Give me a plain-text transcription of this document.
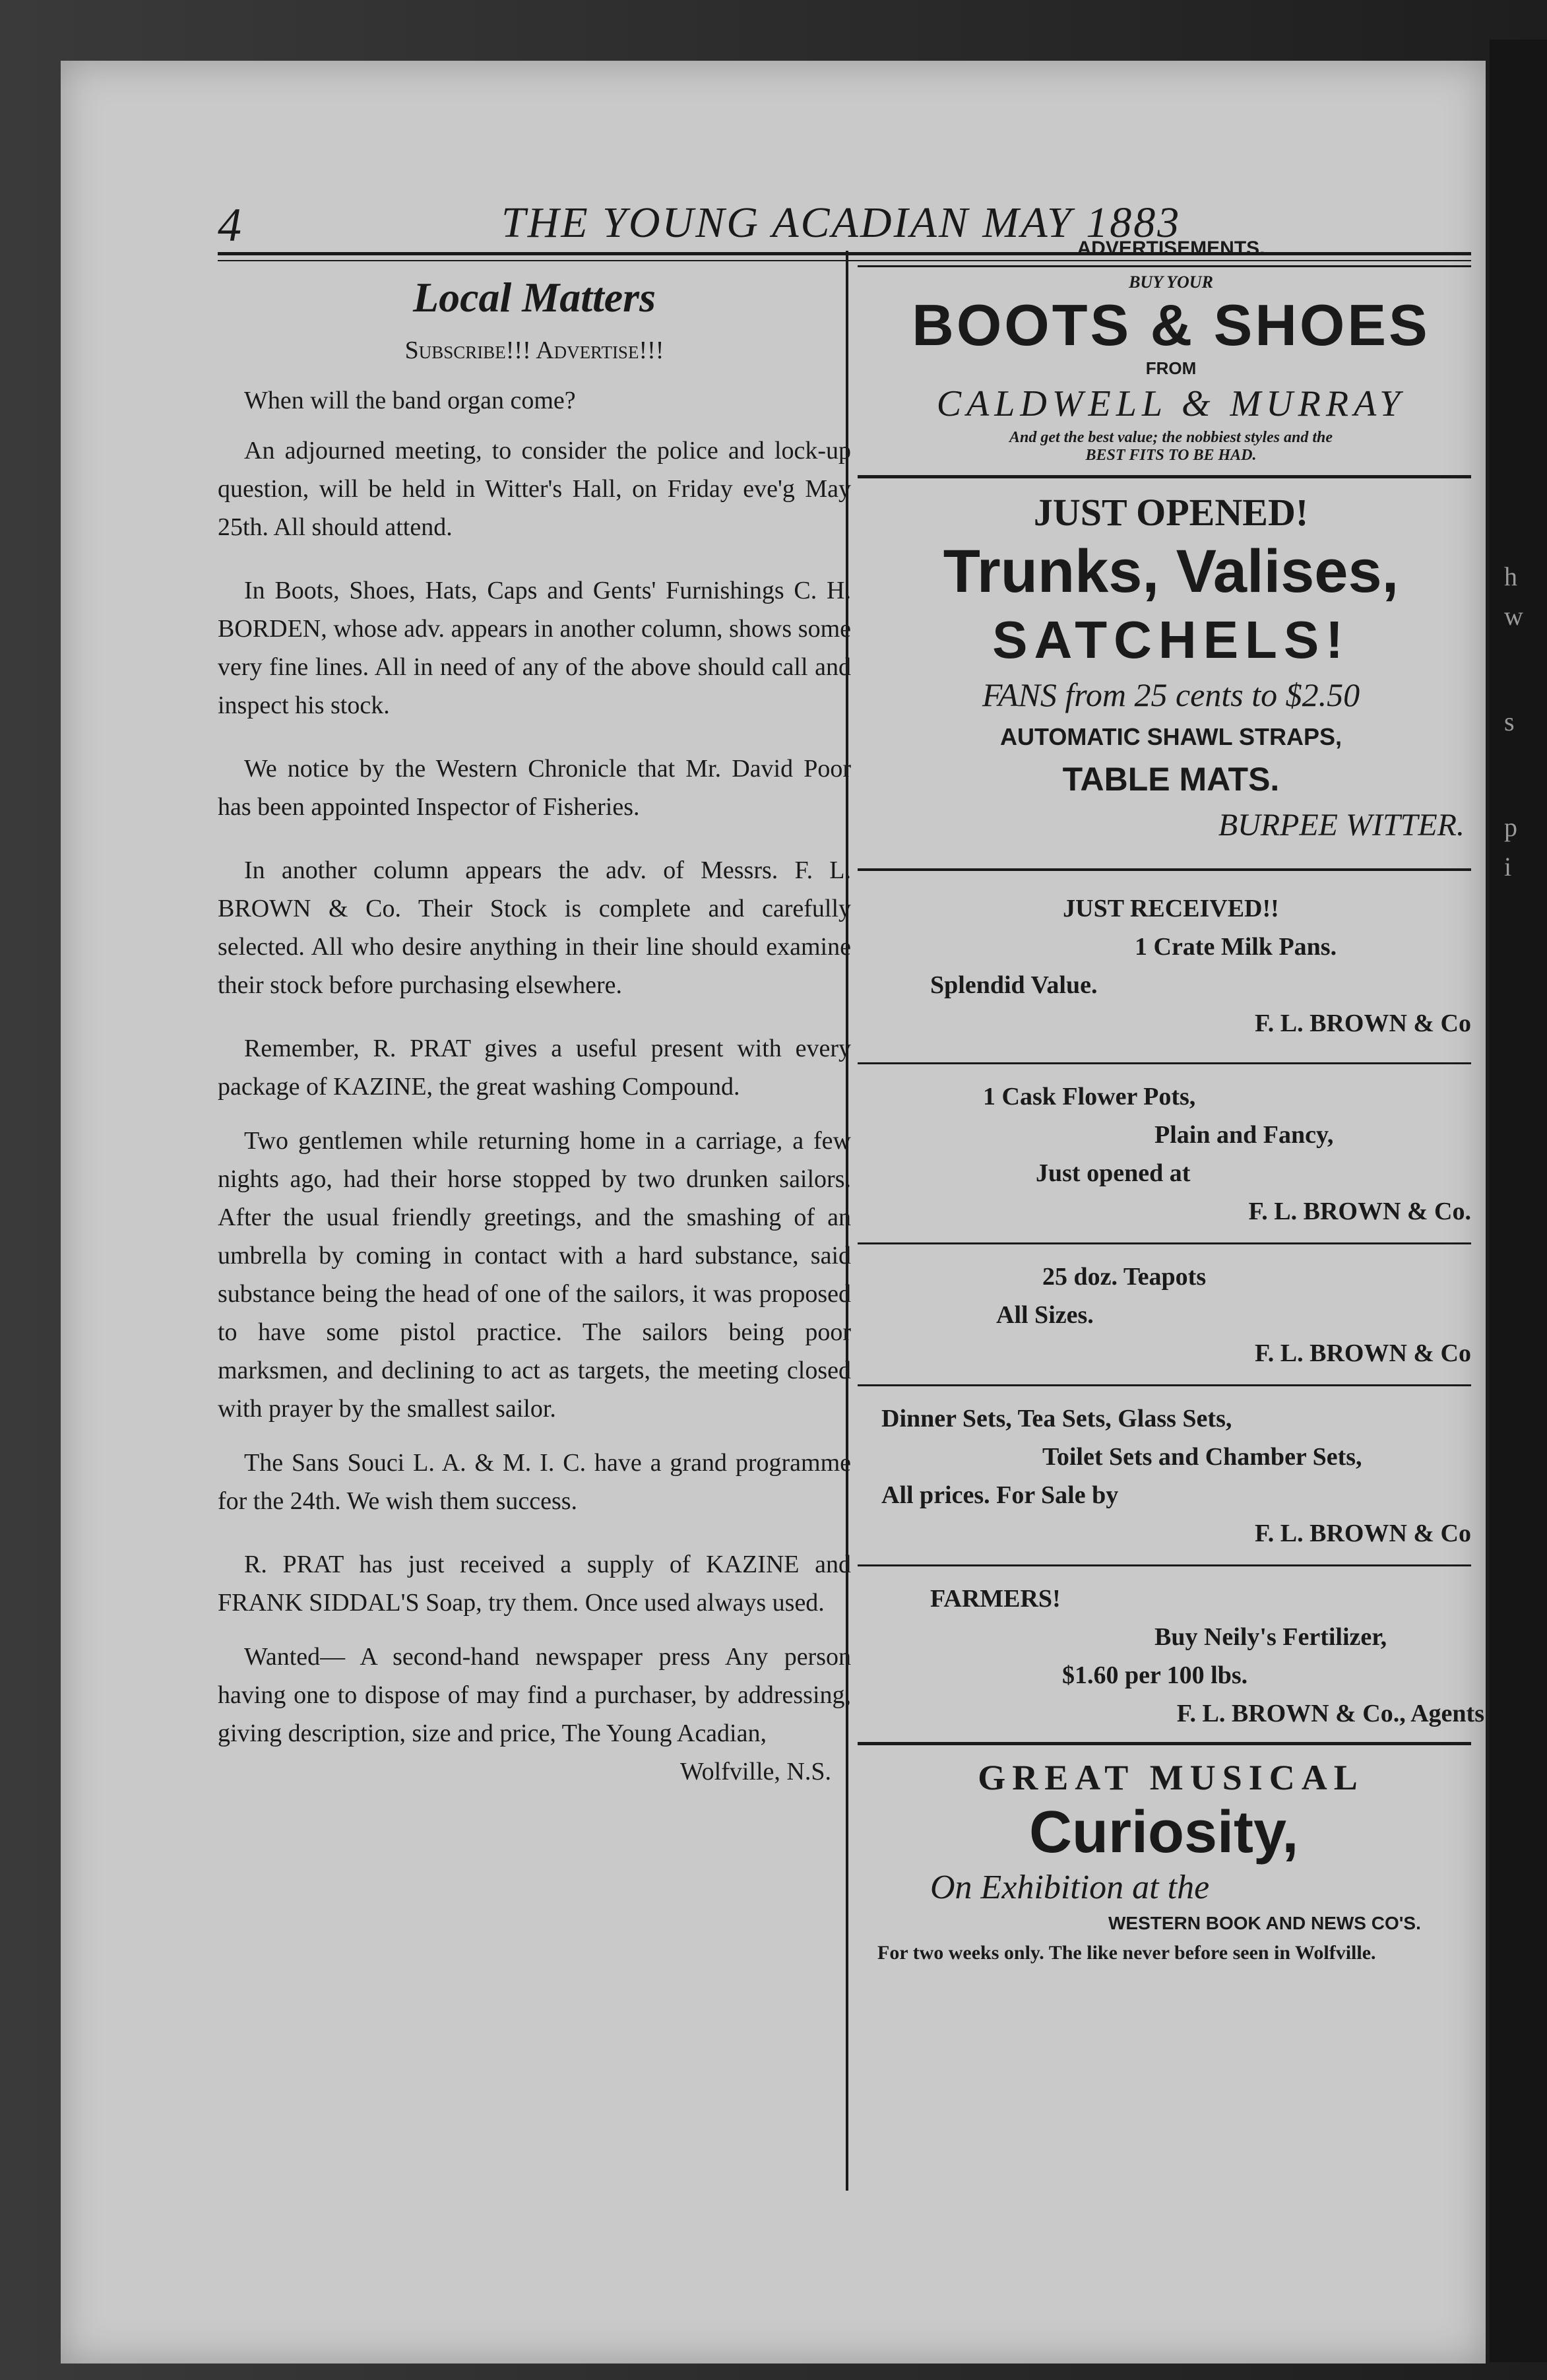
h
w
s
p
i
4	THE YOUNG ACADIAN MAY 1883
Local Matters

Subscribe!!! Advertise!!!

When will the band organ come?

An adjourned meeting, to consider the police and lock-up question, will be held in Witter's Hall, on Friday eve'g May 25th. All should attend.

In Boots, Shoes, Hats, Caps and Gents' Furnishings C. H. BORDEN, whose adv. appears in another column, shows some very fine lines. All in need of any of the above should call and inspect his stock.

We notice by the Western Chronicle that Mr. David Poor has been appointed Inspector of Fisheries.

In another column appears the adv. of Messrs. F. L. BROWN & Co. Their Stock is complete and carefully selected. All who desire anything in their line should examine their stock before purchasing elsewhere.

Remember, R. PRAT gives a useful present with every package of KAZINE, the great washing Compound.

Two gentlemen while returning home in a carriage, a few nights ago, had their horse stopped by two drunken sailors. After the usual friendly greetings, and the smashing of an umbrella by coming in contact with a hard substance, said substance being the head of one of the sailors, it was proposed to have some pistol practice. The sailors being poor marksmen, and declining to act as targets, the meeting closed with prayer by the smallest sailor.

The Sans Souci L. A. & M. I. C. have a grand programme for the 24th. We wish them success.

R. PRAT has just received a supply of KAZINE and FRANK SIDDAL'S Soap, try them. Once used always used.

Wanted— A second-hand newspaper press Any person having one to dispose of may find a purchaser, by addressing, giving description, size and price, The Young Acadian,

Wolfville, N.S.

ADVERTISEMENTS.
BUY YOUR
BOOTS & SHOES
FROM
CALDWELL & MURRAY
And get the best value; the nobbiest styles and the
BEST FITS TO BE HAD.
JUST OPENED!
Trunks, Valises,
SATCHELS!
FANS from 25 cents to $2.50
AUTOMATIC SHAWL STRAPS,
TABLE MATS.
BURPEE WITTER.
JUST RECEIVED!!
1 Crate Milk Pans.
Splendid Value.
F. L. BROWN & Co
1 Cask Flower Pots,
Plain and Fancy,
Just opened at
F. L. BROWN & Co.
25 doz. Teapots
All Sizes.
F. L. BROWN & Co
Dinner Sets, Tea Sets, Glass Sets,
Toilet Sets and Chamber Sets,
All prices. For Sale by
F. L. BROWN & Co
FARMERS!
Buy Neily's Fertilizer,
$1.60 per 100 lbs.
F. L. BROWN & Co., Agents
GREAT MUSICAL
Curiosity,
On Exhibition at the
WESTERN BOOK AND NEWS CO'S.
For two weeks only. The like never before seen in Wolfville.
